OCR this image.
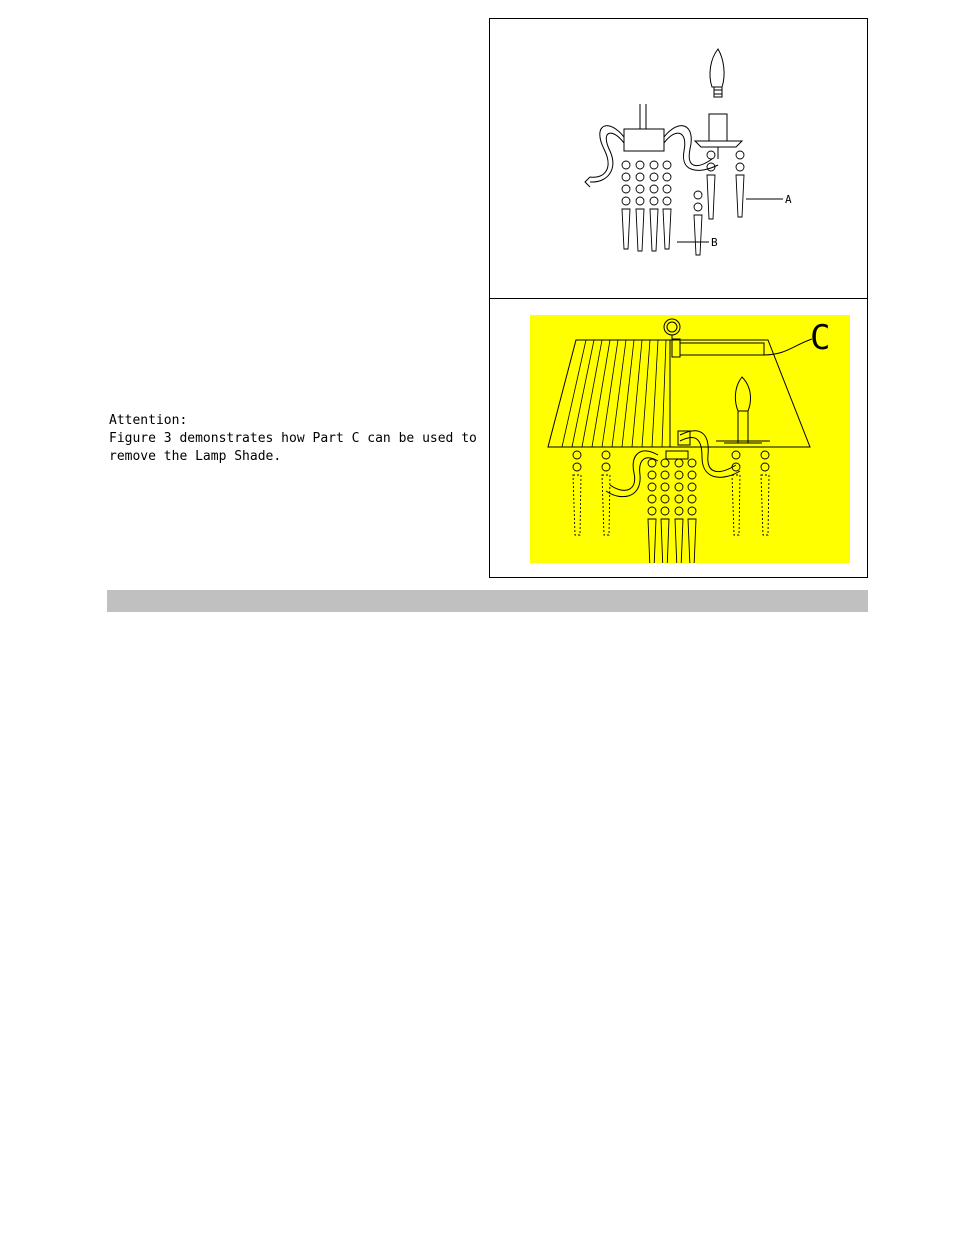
Attention:
Figure 3 demonstrates how Part C can be used to
remove the Lamp Shade.
A
B
C
